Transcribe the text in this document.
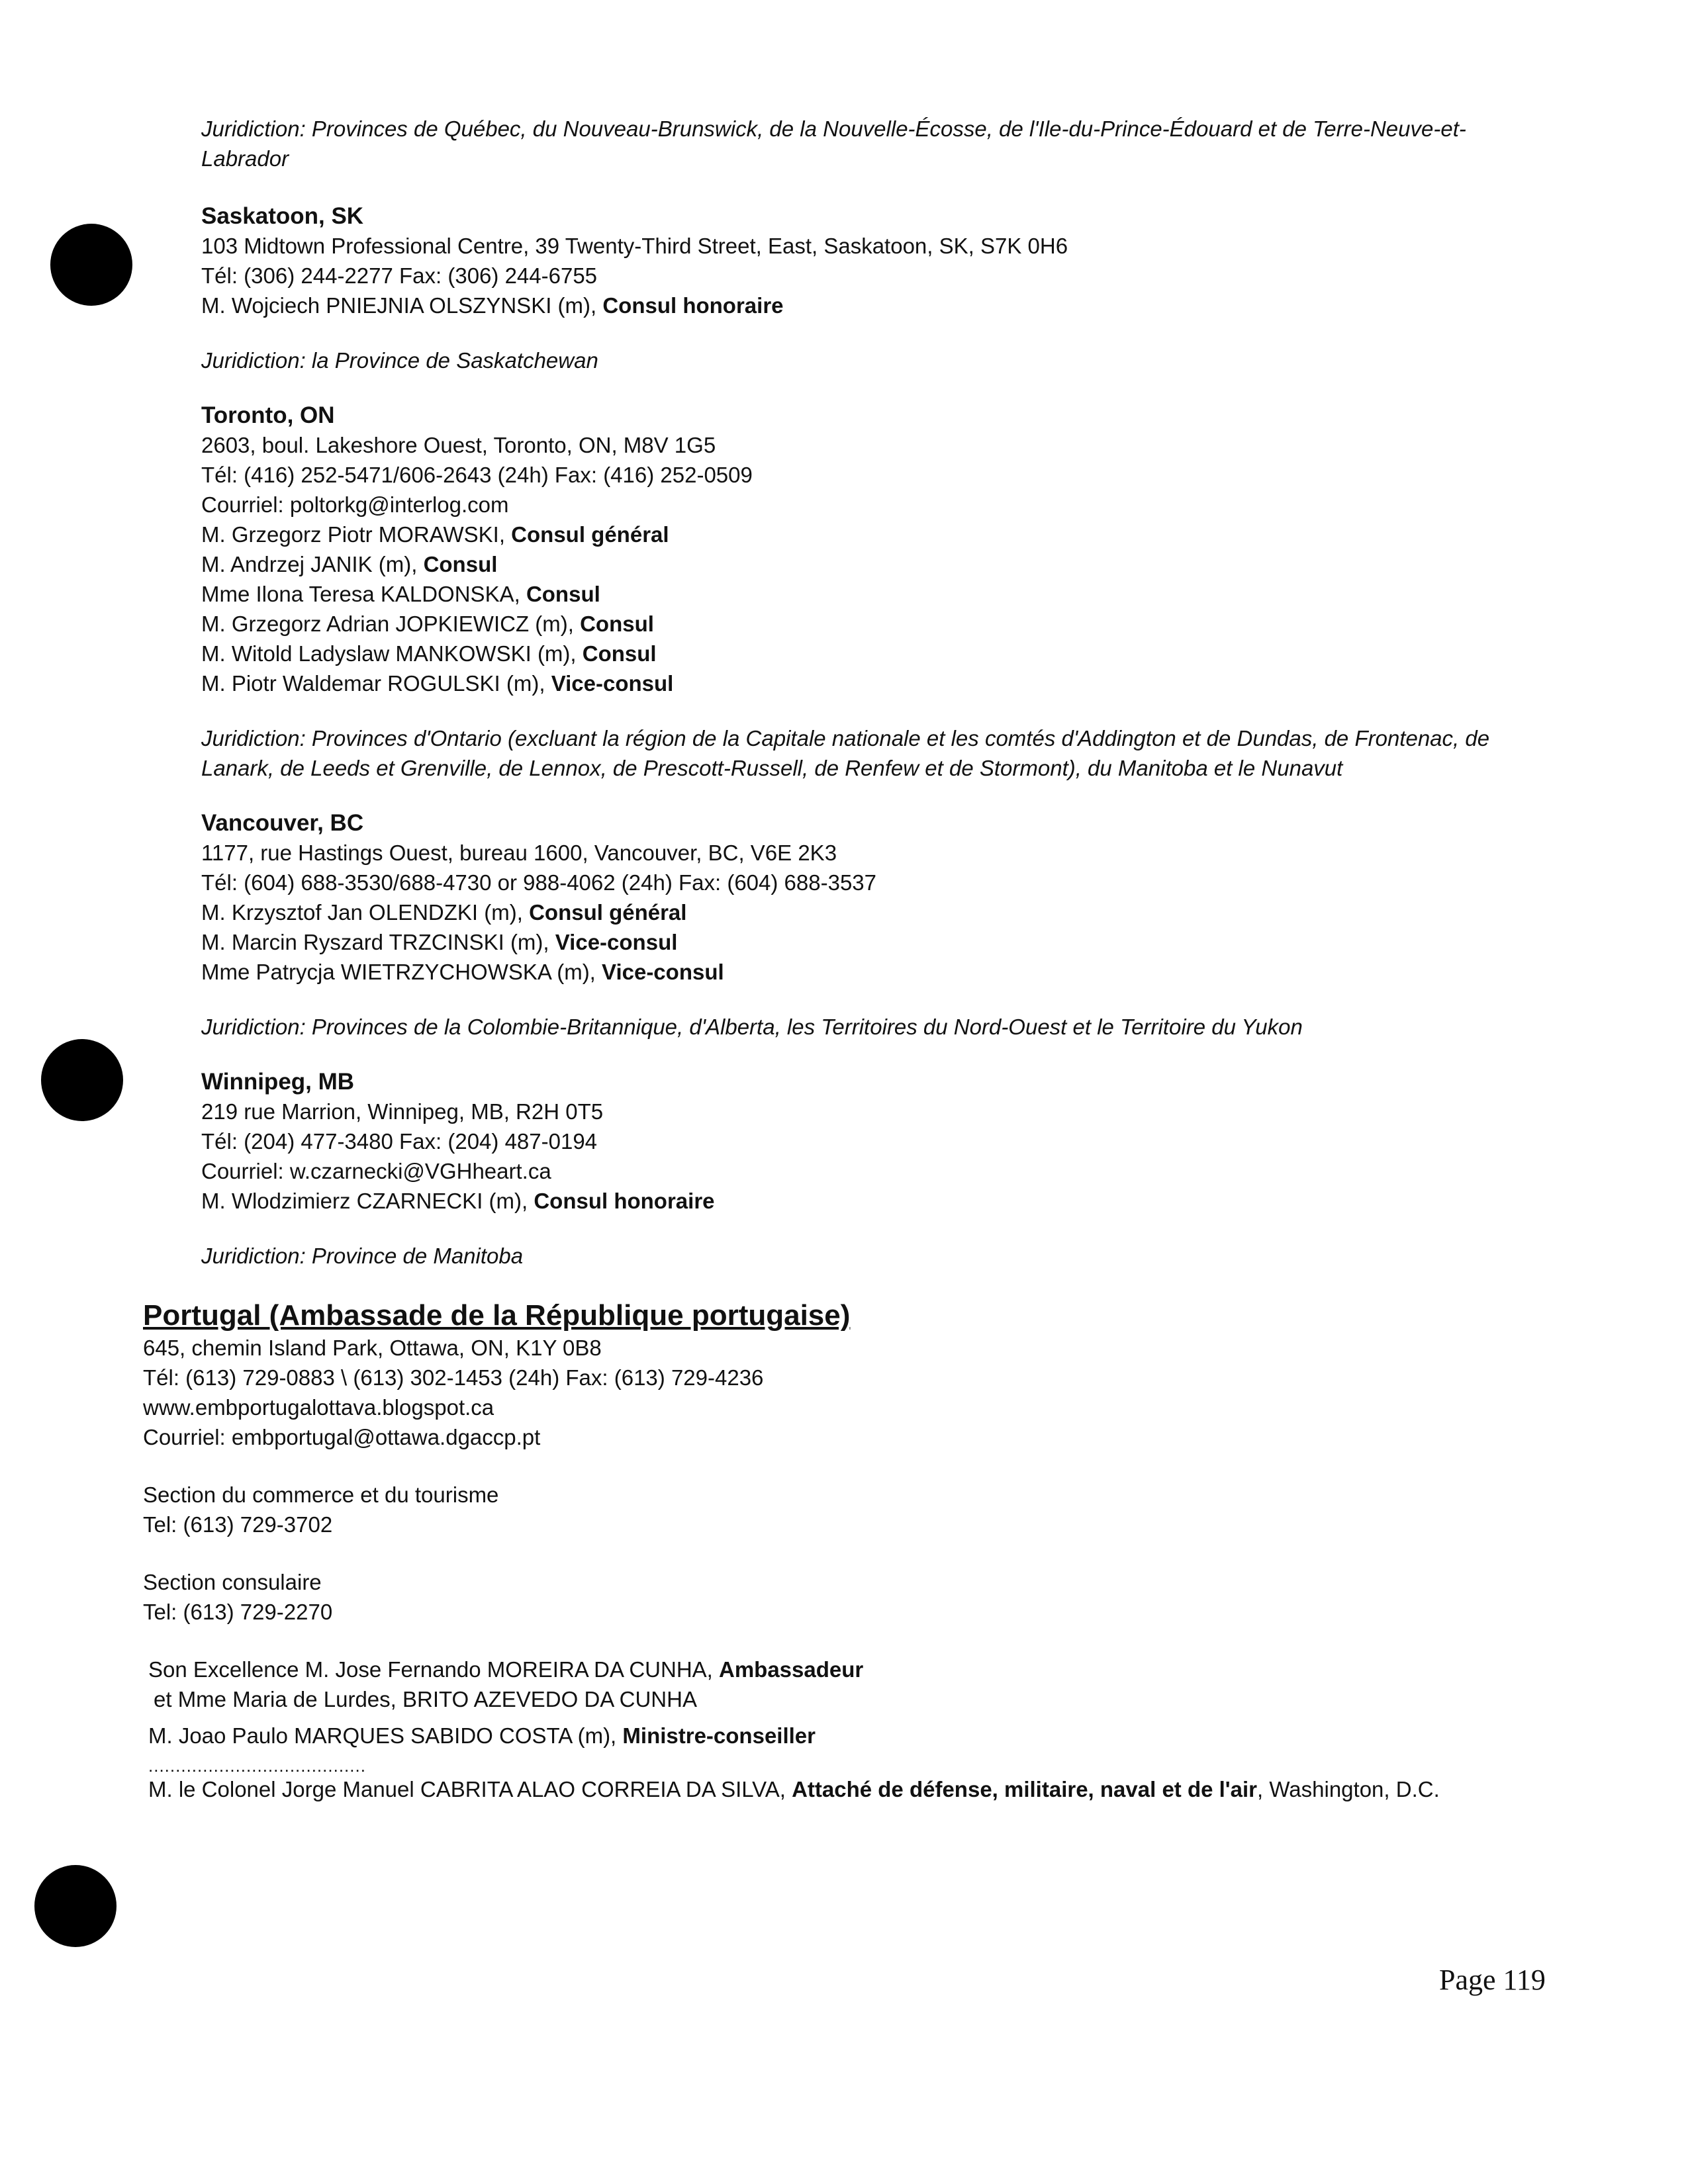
Juridiction: Provinces de Québec, du Nouveau-Brunswick, de la Nouvelle-Écosse, de l'Ile-du-Prince-Édouard et de Terre-Neuve-et-Labrador
Saskatoon, SK
103 Midtown Professional Centre, 39 Twenty-Third Street, East, Saskatoon, SK, S7K 0H6
Tél: (306) 244-2277 Fax: (306) 244-6755
M. Wojciech PNIEJNIA OLSZYNSKI (m), Consul honoraire
Juridiction: la Province de Saskatchewan
Toronto, ON
2603, boul. Lakeshore Ouest, Toronto, ON, M8V 1G5
Tél: (416) 252-5471/606-2643 (24h) Fax: (416) 252-0509
Courriel: poltorkg@interlog.com
M. Grzegorz Piotr MORAWSKI, Consul général
M. Andrzej JANIK (m), Consul
Mme Ilona Teresa KALDONSKA, Consul
M. Grzegorz Adrian JOPKIEWICZ (m), Consul
M. Witold Ladyslaw MANKOWSKI (m), Consul
M. Piotr Waldemar ROGULSKI (m), Vice-consul
Juridiction: Provinces d'Ontario (excluant la région de la Capitale nationale et les comtés d'Addington et de Dundas, de Frontenac, de Lanark, de Leeds et Grenville, de Lennox, de Prescott-Russell, de Renfew et de Stormont), du Manitoba et le Nunavut
Vancouver, BC
1177, rue Hastings Ouest, bureau 1600, Vancouver, BC, V6E 2K3
Tél: (604) 688-3530/688-4730 or 988-4062 (24h) Fax: (604) 688-3537
M. Krzysztof Jan OLENDZKI (m), Consul général
M. Marcin Ryszard TRZCINSKI (m), Vice-consul
Mme Patrycja WIETRZYCHOWSKA (m), Vice-consul
Juridiction: Provinces de la Colombie-Britannique, d'Alberta, les Territoires du Nord-Ouest et le Territoire du Yukon
Winnipeg, MB
219 rue Marrion, Winnipeg, MB, R2H 0T5
Tél: (204) 477-3480 Fax: (204) 487-0194
Courriel: w.czarnecki@VGHheart.ca
M. Wlodzimierz CZARNECKI (m), Consul honoraire
Juridiction: Province de Manitoba
Portugal (Ambassade de la République portugaise)
645, chemin Island Park, Ottawa, ON, K1Y 0B8
Tél: (613) 729-0883 \ (613) 302-1453 (24h) Fax: (613) 729-4236
www.embportugalottava.blogspot.ca
Courriel: embportugal@ottawa.dgaccp.pt
Section du commerce et du tourisme
Tel: (613) 729-3702
Section consulaire
Tel: (613) 729-2270
Son Excellence M. Jose Fernando MOREIRA DA CUNHA, Ambassadeur
et Mme Maria de Lurdes, BRITO AZEVEDO DA CUNHA
M. Joao Paulo MARQUES SABIDO COSTA (m), Ministre-conseiller
........................................
M. le Colonel Jorge Manuel CABRITA ALAO CORREIA DA SILVA, Attaché de défense, militaire, naval et de l'air, Washington, D.C.
Page 119
